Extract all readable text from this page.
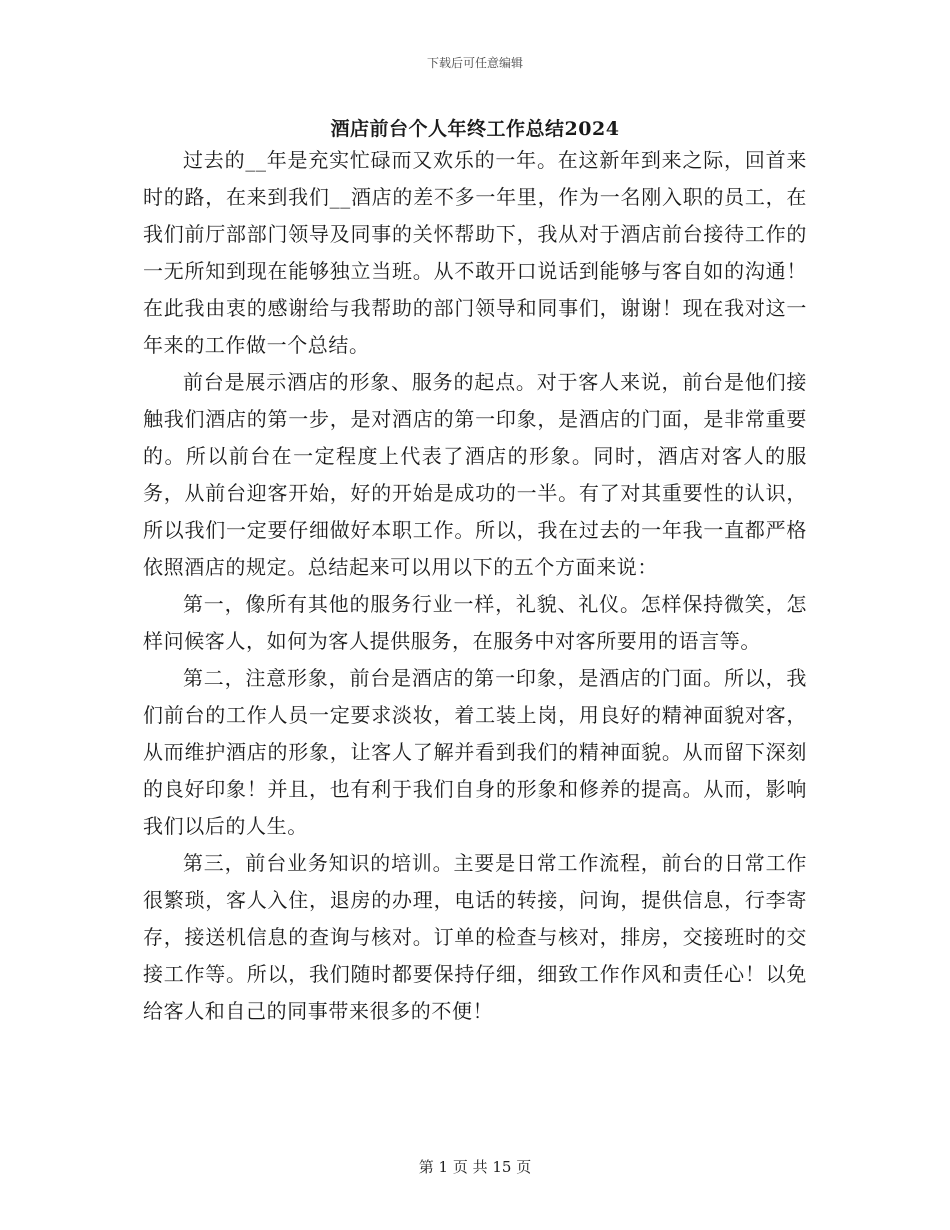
下载后可任意编辑
酒店前台个人年终工作总结2024

过去的__年是充实忙碌而又欢乐的一年。在这新年到来之际，回首来时的路，在来到我们__酒店的差不多一年里，作为一名刚入职的员工，在我们前厅部部门领导及同事的关怀帮助下，我从对于酒店前台接待工作的一无所知到现在能够独立当班。从不敢开口说话到能够与客自如的沟通！在此我由衷的感谢给与我帮助的部门领导和同事们，谢谢！现在我对这一年来的工作做一个总结。

前台是展示酒店的形象、服务的起点。对于客人来说，前台是他们接触我们酒店的第一步，是对酒店的第一印象，是酒店的门面，是非常重要的。所以前台在一定程度上代表了酒店的形象。同时，酒店对客人的服务，从前台迎客开始，好的开始是成功的一半。有了对其重要性的认识，所以我们一定要仔细做好本职工作。所以，我在过去的一年我一直都严格依照酒店的规定。总结起来可以用以下的五个方面来说：

第一，像所有其他的服务行业一样，礼貌、礼仪。怎样保持微笑，怎样问候客人，如何为客人提供服务，在服务中对客所要用的语言等。

第二，注意形象，前台是酒店的第一印象，是酒店的门面。所以，我们前台的工作人员一定要求淡妆，着工装上岗，用良好的精神面貌对客，从而维护酒店的形象，让客人了解并看到我们的精神面貌。从而留下深刻的良好印象！并且，也有利于我们自身的形象和修养的提高。从而，影响我们以后的人生。

第三，前台业务知识的培训。主要是日常工作流程，前台的日常工作很繁琐，客人入住，退房的办理，电话的转接，问询，提供信息，行李寄存，接送机信息的查询与核对。订单的检查与核对，排房，交接班时的交接工作等。所以，我们随时都要保持仔细，细致工作作风和责任心！以免给客人和自己的同事带来很多的不便！

第 1 页 共 15 页
